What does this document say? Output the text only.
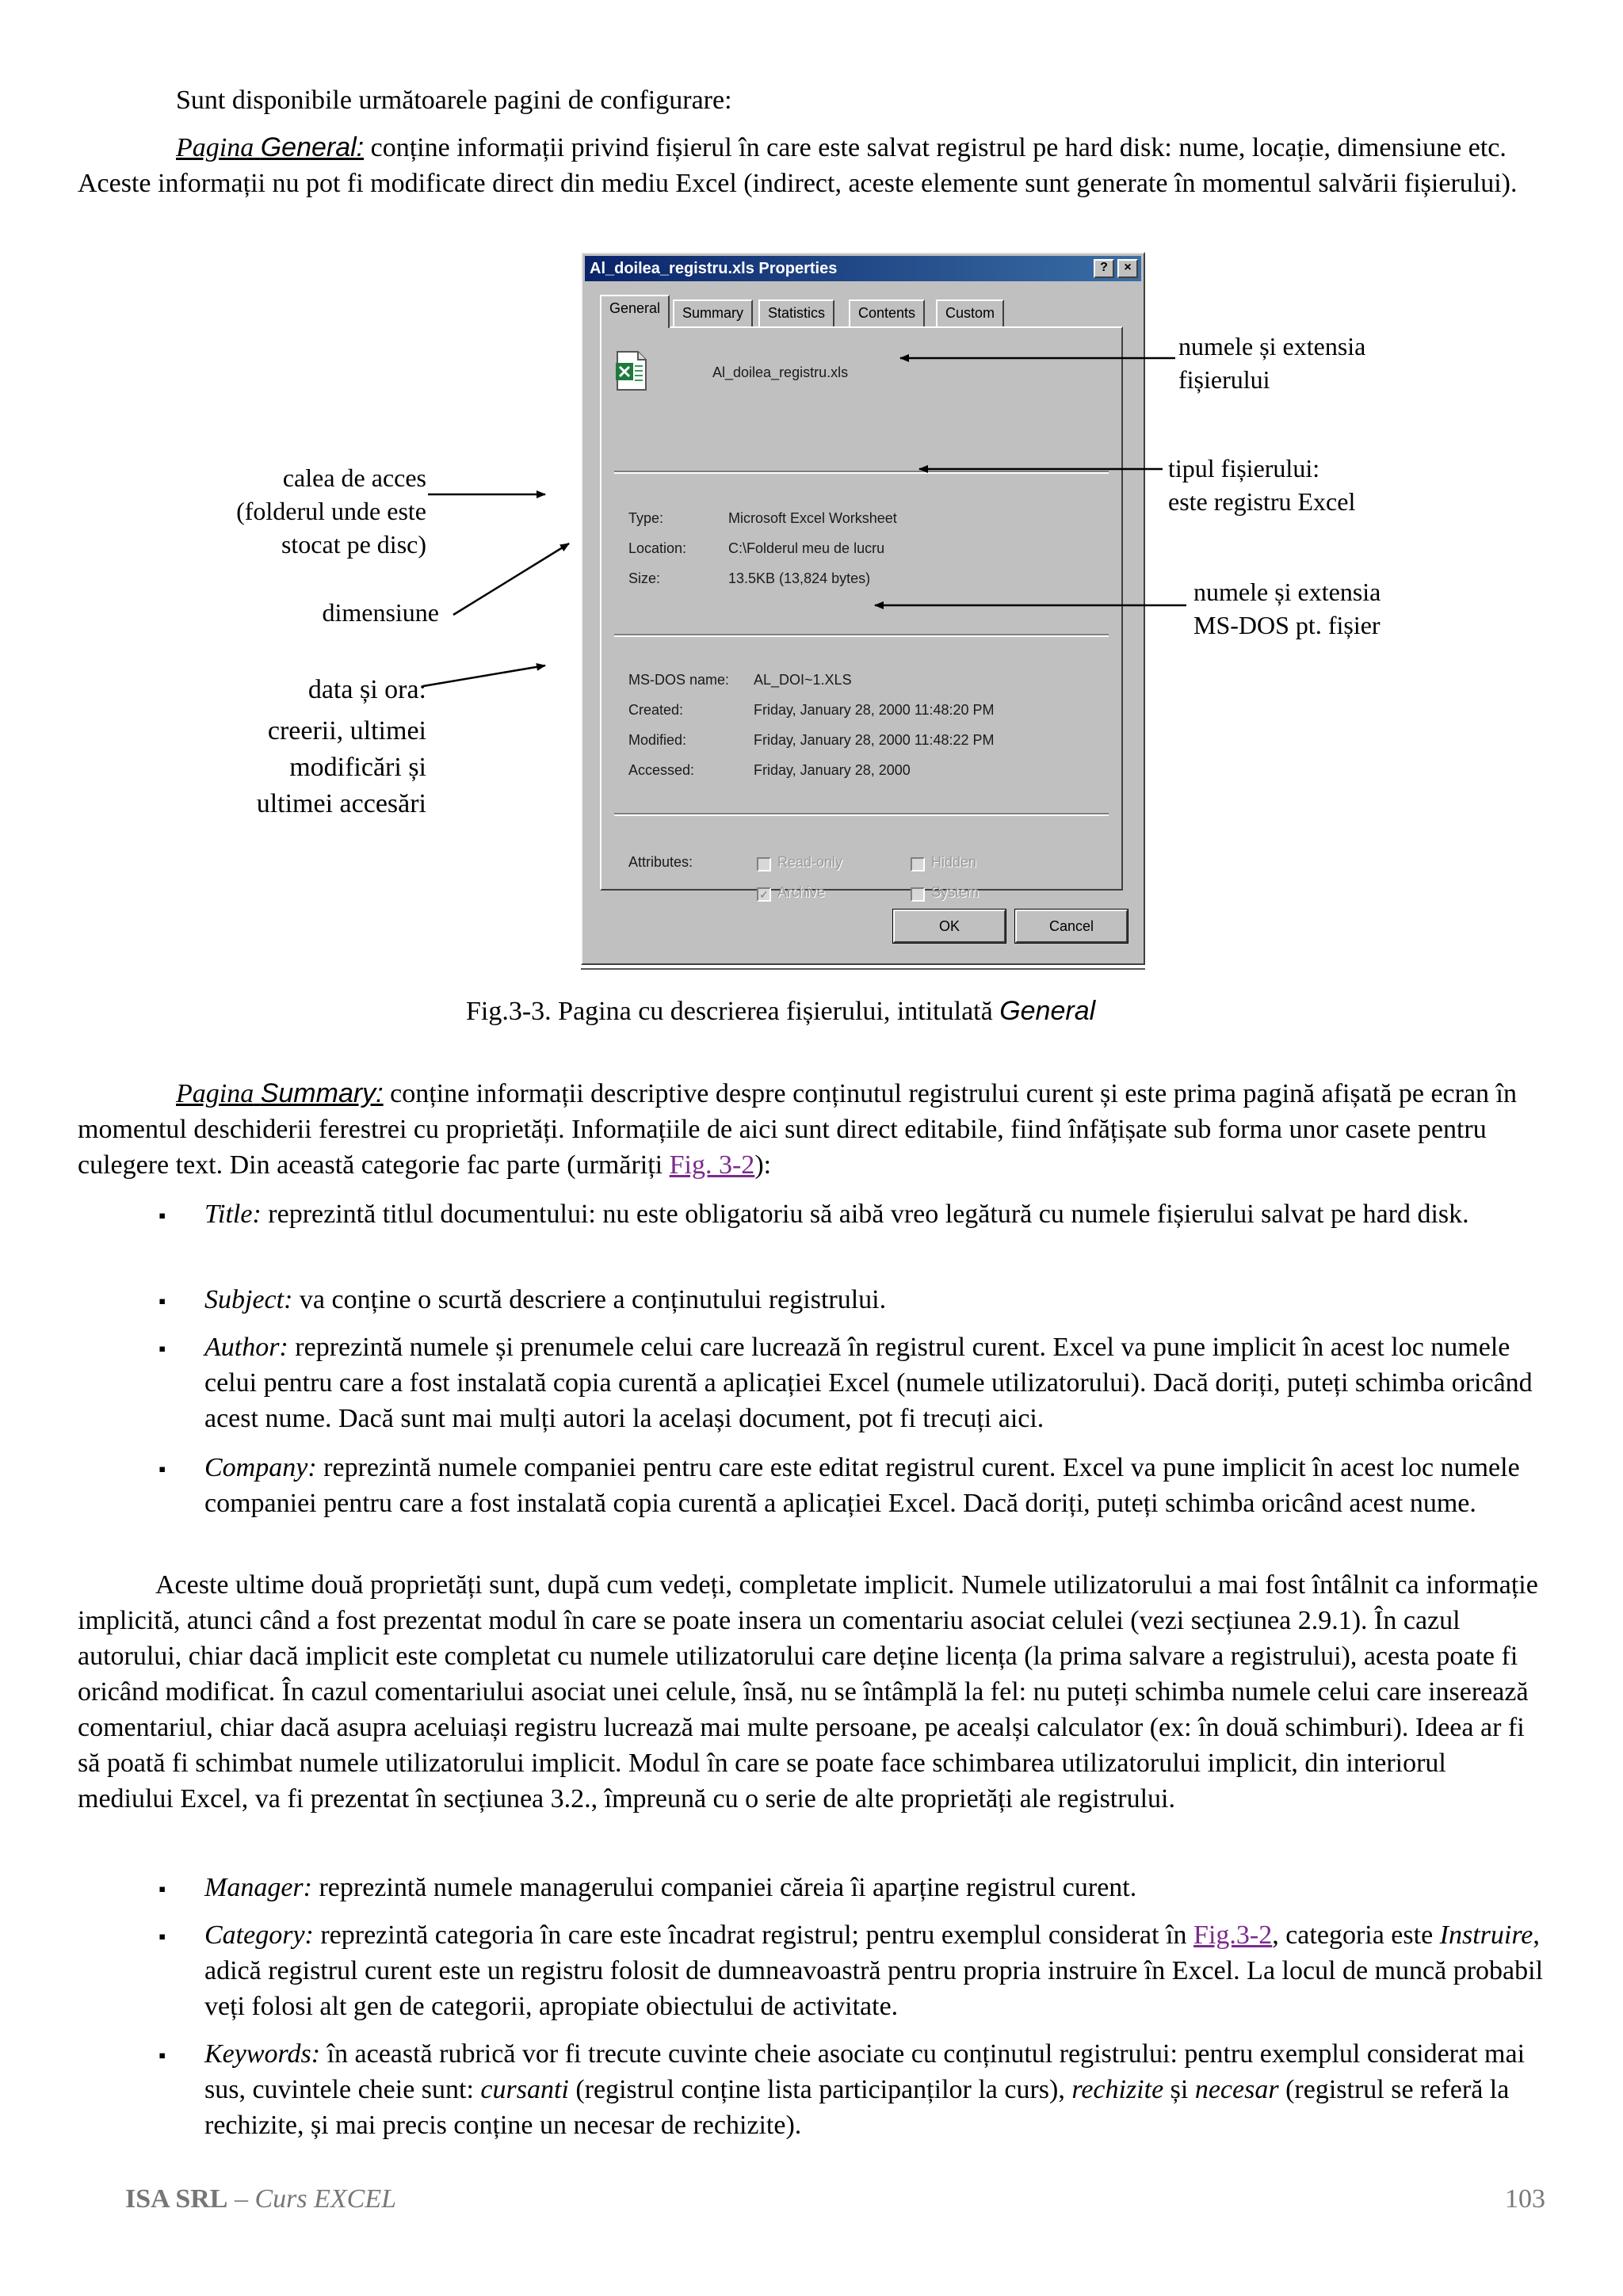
Sunt disponibile următoarele pagini de configurare:

Pagina General: conține informații privind fișierul în care este salvat registrul pe hard disk: nume, locație, dimensiune etc. Aceste informații nu pot fi modificate direct din mediu Excel (indirect, aceste elemente sunt generate în momentul salvării fișierului).

Al_doilea_registru.xls Properties	?	×
General	Summary	Statistics	Contents	Custom
Al_doilea_registru.xls
Type:	Microsoft Excel Worksheet
Location:	C:\Folderul meu de lucru
Size:	13.5KB (13,824 bytes)
MS-DOS name: AL_DOI~1.XLS
Created:	Friday, January 28, 2000 11:48:20 PM
Modified:	Friday, January 28, 2000 11:48:22 PM
Accessed:	Friday, January 28, 2000
Attributes:	Read-only	Hidden
✓ Archive	System
OK	Cancel
numele și extensia
fișierului
calea de acces
(folderul unde este
stocat pe disc)
tipul fișierului:
este registru Excel
dimensiune
numele și extensia
MS-DOS pt. fișier
data și ora:
creerii, ultimei
modificări și
ultimei accesări
Fig.3-3. Pagina cu descrierea fișierului, intitulată General

Pagina Summary: conține informații descriptive despre conținutul registrului curent și este prima pagină afișată pe ecran în momentul deschiderii ferestrei cu proprietăți. Informațiile de aici sunt direct editabile, fiind înfățișate sub forma unor casete pentru culegere text. Din această categorie fac parte (urmăriți Fig. 3-2):

▪ Title: reprezintă titlul documentului: nu este obligatoriu să aibă vreo legătură cu numele fișierului salvat pe hard disk.

▪ Subject: va conține o scurtă descriere a conținutului registrului.

▪ Author: reprezintă numele și prenumele celui care lucrează în registrul curent. Excel va pune implicit în acest loc numele celui pentru care a fost instalată copia curentă a aplicației Excel (numele utilizatorului). Dacă doriți, puteți schimba oricând acest nume. Dacă sunt mai mulți autori la același document, pot fi trecuți aici.

▪ Company: reprezintă numele companiei pentru care este editat registrul curent. Excel va pune implicit în acest loc numele companiei pentru care a fost instalată copia curentă a aplicației Excel. Dacă doriți, puteți schimba oricând acest nume.

Aceste ultime două proprietăți sunt, după cum vedeți, completate implicit. Numele utilizatorului a mai fost întâlnit ca informație implicită, atunci când a fost prezentat modul în care se poate insera un comentariu asociat celulei (vezi secțiunea 2.9.1). În cazul autorului, chiar dacă implicit este completat cu numele utilizatorului care deține licența (la prima salvare a registrului), acesta poate fi oricând modificat. În cazul comentariului asociat unei celule, însă, nu se întâmplă la fel: nu puteți schimba numele celui care inserează comentariul, chiar dacă asupra aceluiași registru lucrează mai multe persoane, pe acealși calculator (ex: în două schimburi). Ideea ar fi să poată fi schimbat numele utilizatorului implicit. Modul în care se poate face schimbarea utilizatorului implicit, din interiorul mediului Excel, va fi prezentat în secțiunea 3.2., împreună cu o serie de alte proprietăți ale registrului.

▪ Manager: reprezintă numele managerului companiei căreia îi aparține registrul curent.

▪ Category: reprezintă categoria în care este încadrat registrul; pentru exemplul considerat în Fig.3-2, categoria este Instruire, adică registrul curent este un registru folosit de dumneavoastră pentru propria instruire în Excel. La locul de muncă probabil veți folosi alt gen de categorii, apropiate obiectului de activitate.

▪ Keywords: în această rubrică vor fi trecute cuvinte cheie asociate cu conținutul registrului: pentru exemplul considerat mai sus, cuvintele cheie sunt: cursanti (registrul conține lista participanților la curs), rechizite și necesar (registrul se referă la rechizite, și mai precis conține un necesar de rechizite).

ISA SRL – Curs EXCEL	103
